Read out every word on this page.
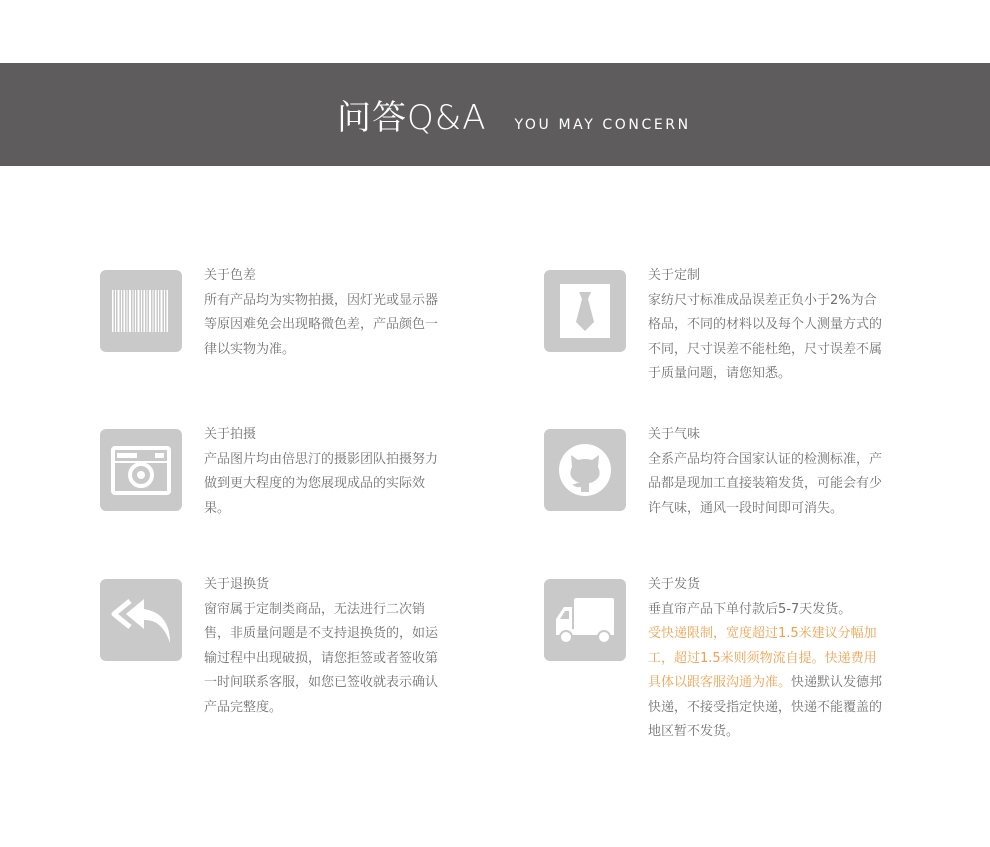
问答Q&A YOU MAY CONCERN
关于色差
所有产品均为实物拍摄，因灯光或显示器等原因难免会出现略微色差，产品颜色一律以实物为准。
关于定制
家纺尺寸标准成品误差正负小于2%为合格品，不同的材料以及每个人测量方式的不同，尺寸误差不能杜绝，尺寸误差不属于质量问题，请您知悉。
关于拍摄
产品图片均由倍思汀的摄影团队拍摄努力做到更大程度的为您展现成品的实际效果。
关于气味
全系产品均符合国家认证的检测标准，产品都是现加工直接装箱发货，可能会有少许气味，通风一段时间即可消失。
关于退换货
窗帘属于定制类商品，无法进行二次销售，非质量问题是不支持退换货的，如运输过程中出现破损，请您拒签或者签收第一时间联系客服，如您已签收就表示确认产品完整度。
关于发货
垂直帘产品下单付款后5-7天发货。
受快递限制，宽度超过1.5米建议分幅加工，超过1.5米则须物流自提。快递费用具体以跟客服沟通为准。快递默认发德邦快递，不接受指定快递，快递不能覆盖的地区暂不发货。
